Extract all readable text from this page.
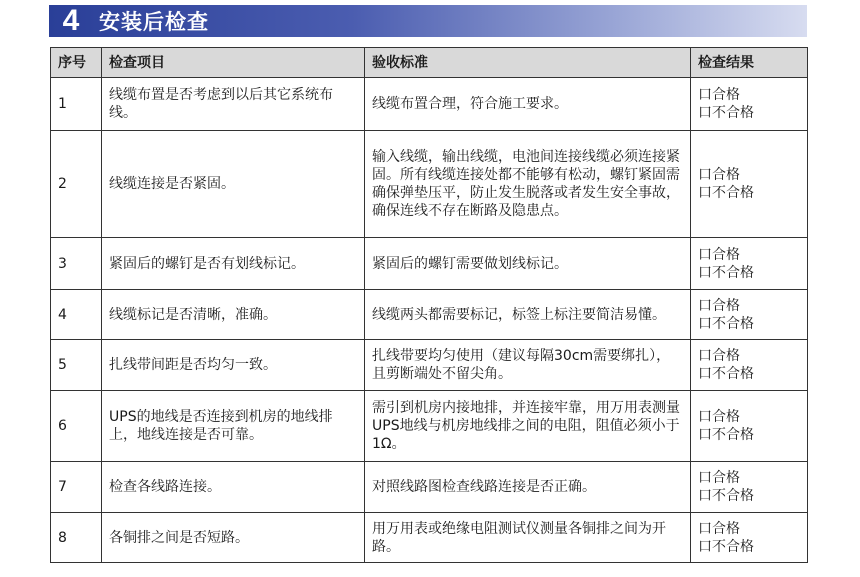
4 安装后检查
序号	检查项目	验收标准	检查结果
1	线缆布置是否考虑到以后其它系统布线。	线缆布置合理，符合施工要求。	口合格
口不合格

2	线缆连接是否紧固。	输入线缆，输出线缆，电池间连接线缆必须连接紧固。所有线缆连接处都不能够有松动，螺钉紧固需确保弹垫压平，防止发生脱落或者发生安全事故，确保连线不存在断路及隐患点。	口合格
口不合格

3	紧固后的螺钉是否有划线标记。	紧固后的螺钉需要做划线标记。	口合格
口不合格

4	线缆标记是否清晰，准确。	线缆两头都需要标记，标签上标注要简洁易懂。	口合格
口不合格

5	扎线带间距是否均匀一致。	扎线带要均匀使用（建议每隔30cm需要绑扎），且剪断端处不留尖角。	口合格
口不合格

6	UPS的地线是否连接到机房的地线排上，地线连接是否可靠。	需引到机房内接地排，并连接牢靠，用万用表测量UPS地线与机房地线排之间的电阻，阻值必须小于1Ω。	口合格
口不合格

7	检查各线路连接。	对照线路图检查线路连接是否正确。	口合格
口不合格

8	各铜排之间是否短路。	用万用表或绝缘电阻测试仪测量各铜排之间为开路。	口合格
口不合格
